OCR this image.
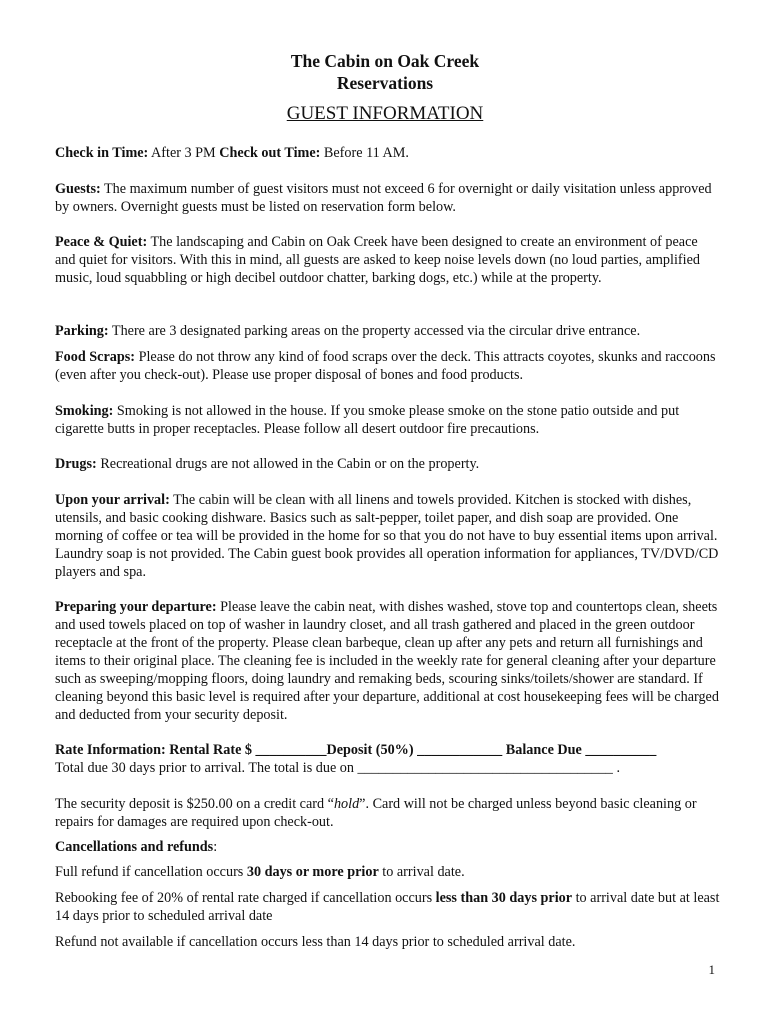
The Cabin on Oak Creek
Reservations
GUEST INFORMATION
Check in Time: After 3 PM Check out Time: Before 11 AM.
Guests: The maximum number of guest visitors must not exceed 6 for overnight or daily visitation unless approved by owners. Overnight guests must be listed on reservation form below.
Peace & Quiet: The landscaping and Cabin on Oak Creek have been designed to create an environment of peace and quiet for visitors. With this in mind, all guests are asked to keep noise levels down (no loud parties, amplified music, loud squabbling or high decibel outdoor chatter, barking dogs, etc.) while at the property.
Parking: There are 3 designated parking areas on the property accessed via the circular drive entrance.
Food Scraps: Please do not throw any kind of food scraps over the deck. This attracts coyotes, skunks and raccoons (even after you check-out). Please use proper disposal of bones and food products.
Smoking: Smoking is not allowed in the house. If you smoke please smoke on the stone patio outside and put cigarette butts in proper receptacles. Please follow all desert outdoor fire precautions.
Drugs: Recreational drugs are not allowed in the Cabin or on the property.
Upon your arrival: The cabin will be clean with all linens and towels provided. Kitchen is stocked with dishes, utensils, and basic cooking dishware. Basics such as salt-pepper, toilet paper, and dish soap are provided. One morning of coffee or tea will be provided in the home for so that you do not have to buy essential items upon arrival. Laundry soap is not provided. The Cabin guest book provides all operation information for appliances, TV/DVD/CD players and spa.
Preparing your departure: Please leave the cabin neat, with dishes washed, stove top and countertops clean, sheets and used towels placed on top of washer in laundry closet, and all trash gathered and placed in the green outdoor receptacle at the front of the property. Please clean barbeque, clean up after any pets and return all furnishings and items to their original place. The cleaning fee is included in the weekly rate for general cleaning after your departure such as sweeping/mopping floors, doing laundry and remaking beds, scouring sinks/toilets/shower are standard. If cleaning beyond this basic level is required after your departure, additional at cost housekeeping fees will be charged and deducted from your security deposit.
Rate Information: Rental Rate $ __________Deposit (50%) ____________ Balance Due __________
Total due 30 days prior to arrival. The total is due on ____________________________________ .
The security deposit is $250.00 on a credit card “hold”. Card will not be charged unless beyond basic cleaning or repairs for damages are required upon check-out.
Cancellations and refunds:
Full refund if cancellation occurs 30 days or more prior to arrival date.
Rebooking fee of 20% of rental rate charged if cancellation occurs less than 30 days prior to arrival date but at least 14 days prior to scheduled arrival date
Refund not available if cancellation occurs less than 14 days prior to scheduled arrival date.
1
